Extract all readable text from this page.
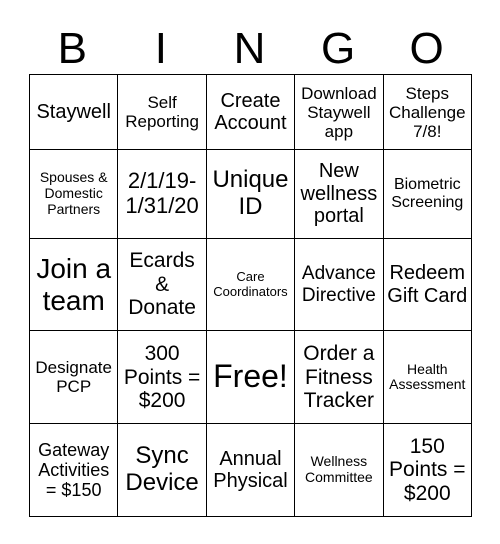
B	I	N	G	O
Staywell	Self Reporting	Create Account	Download Staywell app	Steps Challenge 7/8!
Spouses & Domestic Partners	2/1/19-1/31/20	Unique ID	New wellness portal	Biometric Screening
Join a team	Ecards & Donate	Care Coordinators	Advance Directive	Redeem Gift Card
Designate PCP	300 Points = $200	Free!	Order a Fitness Tracker	Health Assessment
Gateway Activities = $150	Sync Device	Annual Physical	Wellness Committee	150 Points = $200
